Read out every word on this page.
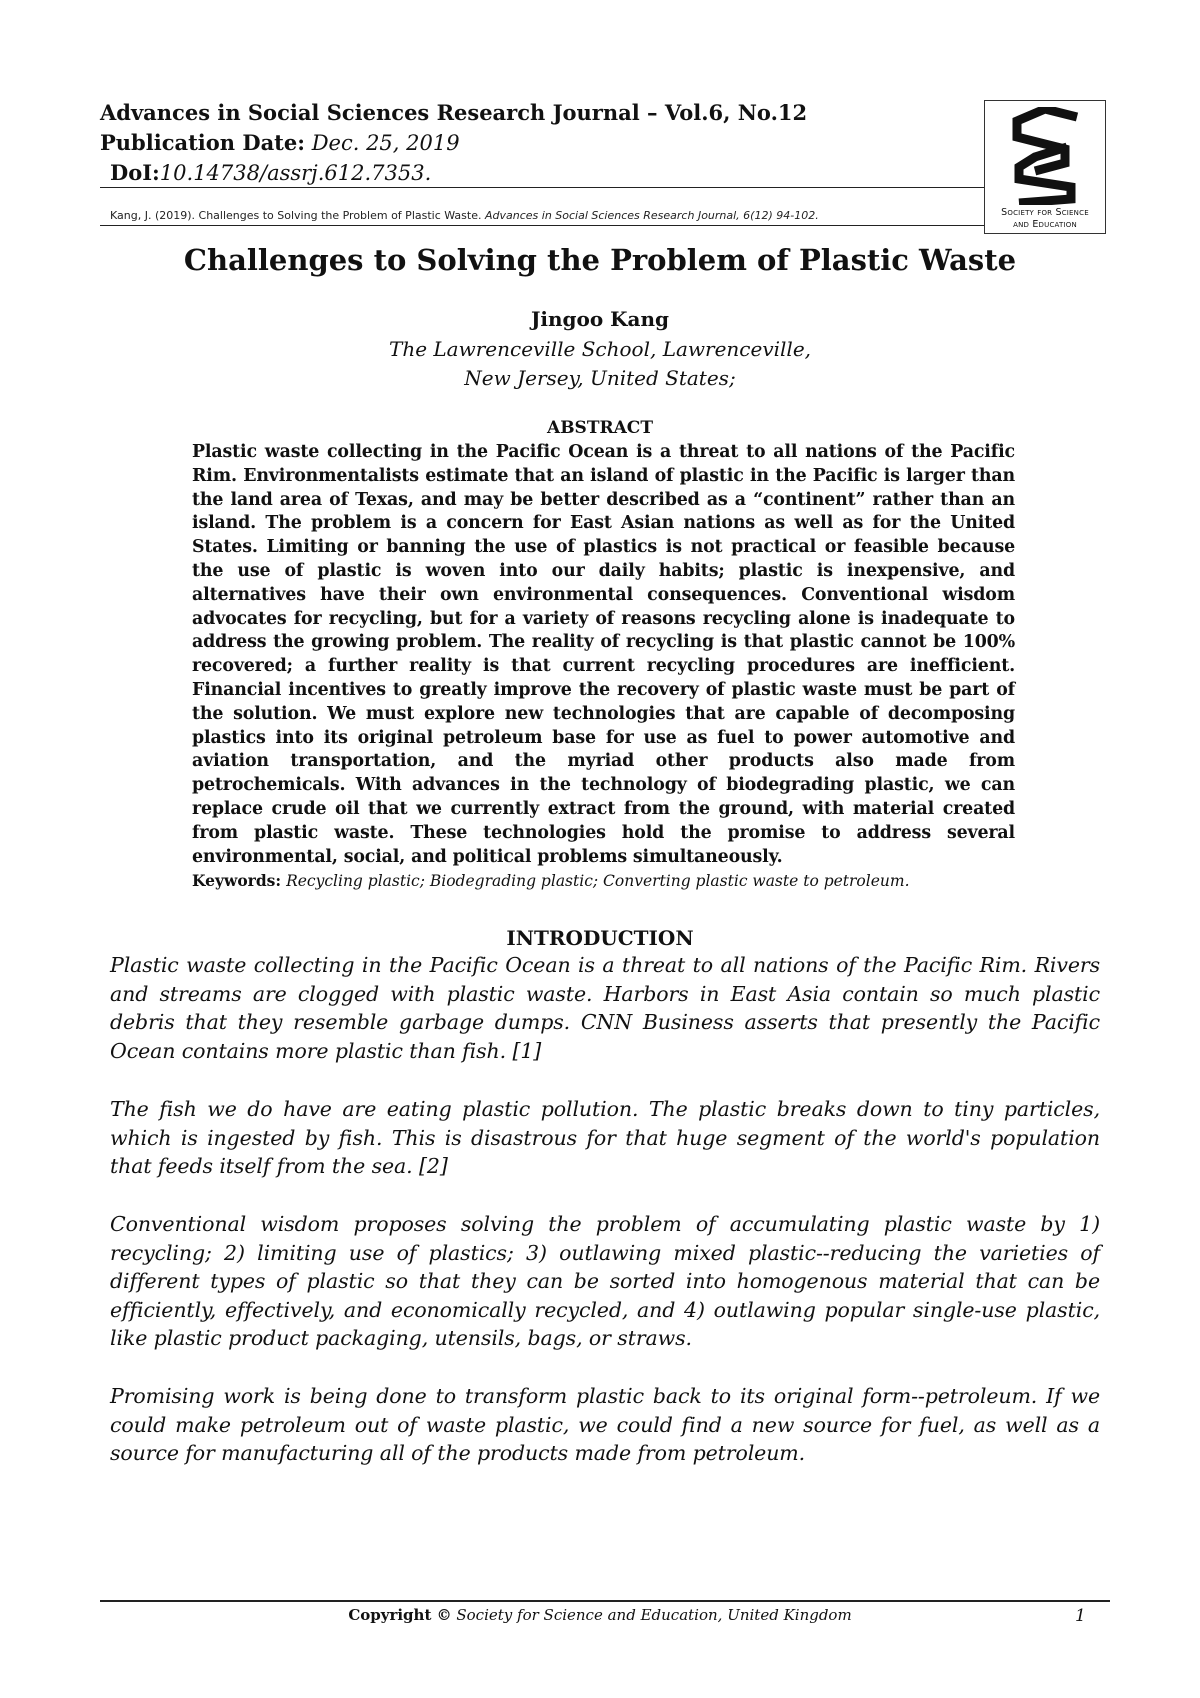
Advances in Social Sciences Research Journal – Vol.6, No.12
Publication Date: Dec. 25, 2019
DoI:10.14738/assrj.612.7353.
Kang, J. (2019). Challenges to Solving the Problem of Plastic Waste. Advances in Social Sciences Research Journal, 6(12) 94-102.	Society for Science
and Education
Challenges to Solving the Problem of Plastic Waste
Jingoo Kang
The Lawrenceville School, Lawrenceville,
New Jersey, United States;
ABSTRACT
Plastic waste collecting in the Pacific Ocean is a threat to all nations of the Pacific Rim. Environmentalists estimate that an island of plastic in the Pacific is larger than the land area of Texas, and may be better described as a “continent” rather than an island. The problem is a concern for East Asian nations as well as for the United States. Limiting or banning the use of plastics is not practical or feasible because the use of plastic is woven into our daily habits; plastic is inexpensive, and alternatives have their own environmental consequences. Conventional wisdom advocates for recycling, but for a variety of reasons recycling alone is inadequate to address the growing problem. The reality of recycling is that plastic cannot be 100% recovered; a further reality is that current recycling procedures are inefficient. Financial incentives to greatly improve the recovery of plastic waste must be part of the solution. We must explore new technologies that are capable of decomposing plastics into its original petroleum base for use as fuel to power automotive and aviation transportation, and the myriad other products also made from petrochemicals. With advances in the technology of biodegrading plastic, we can replace crude oil that we currently extract from the ground, with material created from plastic waste. These technologies hold the promise to address several environmental, social, and political problems simultaneously.
Keywords: Recycling plastic; Biodegrading plastic; Converting plastic waste to petroleum.
INTRODUCTION
Plastic waste collecting in the Pacific Ocean is a threat to all nations of the Pacific Rim. Rivers and streams are clogged with plastic waste. Harbors in East Asia contain so much plastic debris that they resemble garbage dumps. CNN Business asserts that presently the Pacific Ocean contains more plastic than fish. [1]
The fish we do have are eating plastic pollution. The plastic breaks down to tiny particles, which is ingested by fish. This is disastrous for that huge segment of the world's population that feeds itself from the sea. [2]
Conventional wisdom proposes solving the problem of accumulating plastic waste by 1) recycling; 2) limiting use of plastics; 3) outlawing mixed plastic--reducing the varieties of different types of plastic so that they can be sorted into homogenous material that can be efficiently, effectively, and economically recycled, and 4) outlawing popular single-use plastic, like plastic product packaging, utensils, bags, or straws.
Promising work is being done to transform plastic back to its original form--petroleum. If we could make petroleum out of waste plastic, we could find a new source for fuel, as well as a source for manufacturing all of the products made from petroleum.
Copyright © Society for Science and Education, United Kingdom	1
